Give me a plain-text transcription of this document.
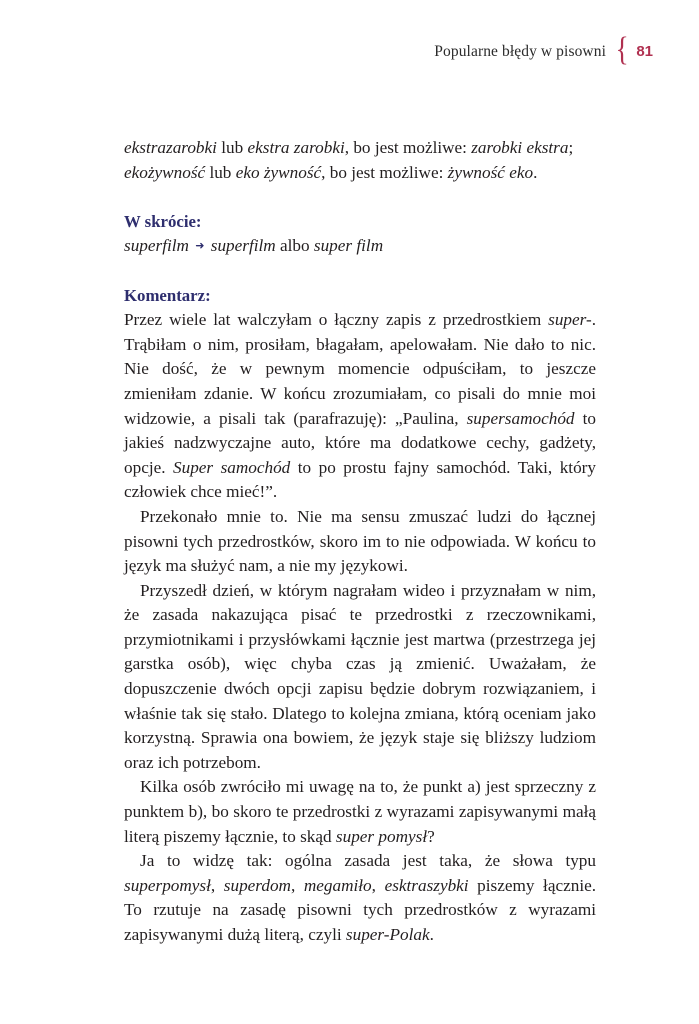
Popularne błędy w pisowni { 81

ekstrazarobki lub ekstra zarobki, bo jest możliwe: zarobki ekstra;

ekożywność lub eko żywność, bo jest możliwe: żywność eko.

W skrócie:

superfilm ➜ superfilm albo super film

Komentarz:

Przez wiele lat walczyłam o łączny zapis z przedrostkiem super-. Trąbiłam o nim, prosiłam, błagałam, apelowałam. Nie dało to nic. Nie dość, że w pewnym momencie odpuściłam, to jeszcze zmieniłam zdanie. W końcu zrozumiałam, co pisali do mnie moi widzowie, a pisali tak (parafrazuję): „Paulina, supersamochód to jakieś nadzwyczajne auto, które ma dodatkowe cechy, gadżety, opcje. Super samochód to po prostu fajny samochód. Taki, który człowiek chce mieć!”.

Przekonało mnie to. Nie ma sensu zmuszać ludzi do łącznej pisowni tych przedrostków, skoro im to nie odpowiada. W końcu to język ma służyć nam, a nie my językowi.

Przyszedł dzień, w którym nagrałam wideo i przyznałam w nim, że zasada nakazująca pisać te przedrostki z rzeczownikami, przymiotnikami i przysłówkami łącznie jest martwa (przestrzega jej garstka osób), więc chyba czas ją zmienić. Uważałam, że dopuszczenie dwóch opcji zapisu będzie dobrym rozwiązaniem, i właśnie tak się stało. Dlatego to kolejna zmiana, którą oceniam jako korzystną. Sprawia ona bowiem, że język staje się bliższy ludziom oraz ich potrzebom.

Kilka osób zwróciło mi uwagę na to, że punkt a) jest sprzeczny z punktem b), bo skoro te przedrostki z wyrazami zapisywanymi małą literą piszemy łącznie, to skąd super pomysł?

Ja to widzę tak: ogólna zasada jest taka, że słowa typu superpomysł, superdom, megamiło, esktraszybki piszemy łącznie. To rzutuje na zasadę pisowni tych przedrostków z wyrazami zapisywanymi dużą literą, czyli super-Polak.
